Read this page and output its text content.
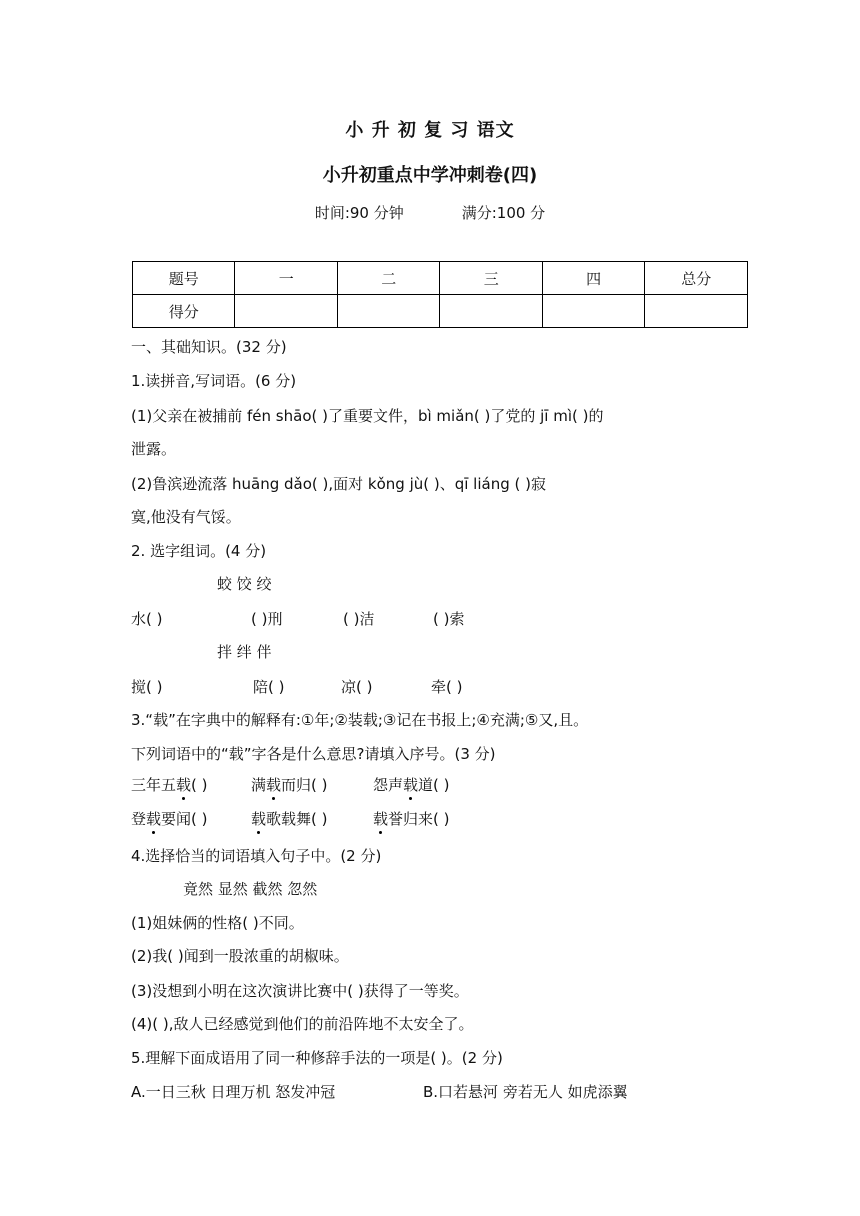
小 升 初 复 习 语文
小升初重点中学冲刺卷(四)
时间:90 分钟	满分:100 分
题号	一	二	三	四	总分
得分					
一、其础知识。(32 分)
1.读拼音,写词语。(6 分)
(1)父亲在被捕前 fén shāo( )了重要文件，bì miǎn( )了党的 jī mì( )的
泄露。
(2)鲁滨逊流落 huāng dǎo( ),面对 kǒng jù( )、qī liáng ( )寂
寞,他没有气馁。
2. 选字组词。(4 分)
蛟 饺 绞
水( )	( )刑	( )洁	( )索
拌 绊 伴
搅( )	陪( )	凉( )	牵( )
3.“载”在字典中的解释有:①年;②装载;③记在书报上;④充满;⑤又,且。
下列词语中的“载”字各是什么意思?请填入序号。(3 分)
三年五载( )	满载而归( )	怨声载道( )
登载要闻( )	载歌载舞( )	载誉归来( )
4.选择恰当的词语填入句子中。(2 分)
竟然 显然 截然 忽然
(1)姐妹俩的性格( )不同。
(2)我( )闻到一股浓重的胡椒味。
(3)没想到小明在这次演讲比赛中( )获得了一等奖。
(4)( ),敌人已经感觉到他们的前沿阵地不太安全了。
5.理解下面成语用了同一种修辞手法的一项是( )。(2 分)
A.一日三秋 日理万机 怒发冲冠	B.口若悬河 旁若无人 如虎添翼
